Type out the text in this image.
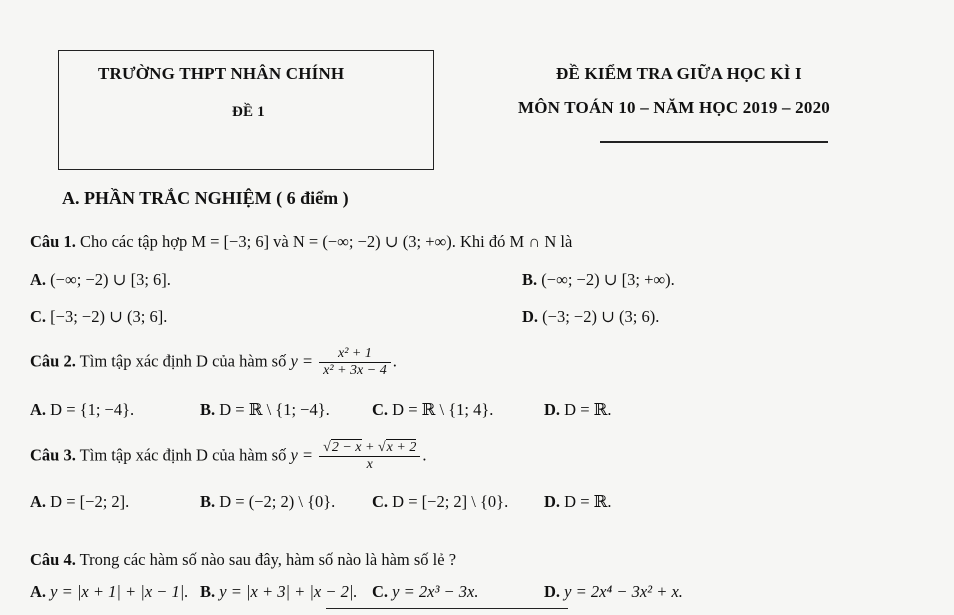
TRƯỜNG THPT NHÂN CHÍNH
ĐỀ 1
ĐỀ KIỂM TRA GIỮA HỌC KÌ I
MÔN TOÁN 10 – NĂM HỌC 2019 – 2020
A. PHẦN TRẮC NGHIỆM ( 6 điểm )
Câu 1. Cho các tập hợp M = [−3; 6] và N = (−∞; −2) ∪ (3; +∞). Khi đó M ∩ N là
A. (−∞; −2) ∪ [3; 6].	B. (−∞; −2) ∪ [3; +∞).
C. [−3; −2) ∪ (3; 6].	D. (−3; −2) ∪ (3; 6).
Câu 2. Tìm tập xác định D của hàm số $y = \frac{\text{x² + 1}}{\text{x² + 3x − 4}}$ .
A. D = {1; −4}.	B. D = ℝ \ {1; −4}.	C. D = ℝ \ {1; 4}.	D. D = ℝ.
Câu 3. Tìm tập xác định D của hàm số $y = \frac{√2 - x + √x + 2}{x}$ .
A. D = [−2; 2].	B. D = (−2; 2) \ {0}. C. D = [−2; 2] \ {0}. D. D = ℝ.
Câu 4. Trong các hàm số nào sau đây, hàm số nào là hàm số lẻ ?
A. y = |x + 1| + |x − 1|. B. y = |x + 3| + |x − 2|. C. y = 2x³ − 3x.	D. y = 2x⁴ − 3x² + x.
